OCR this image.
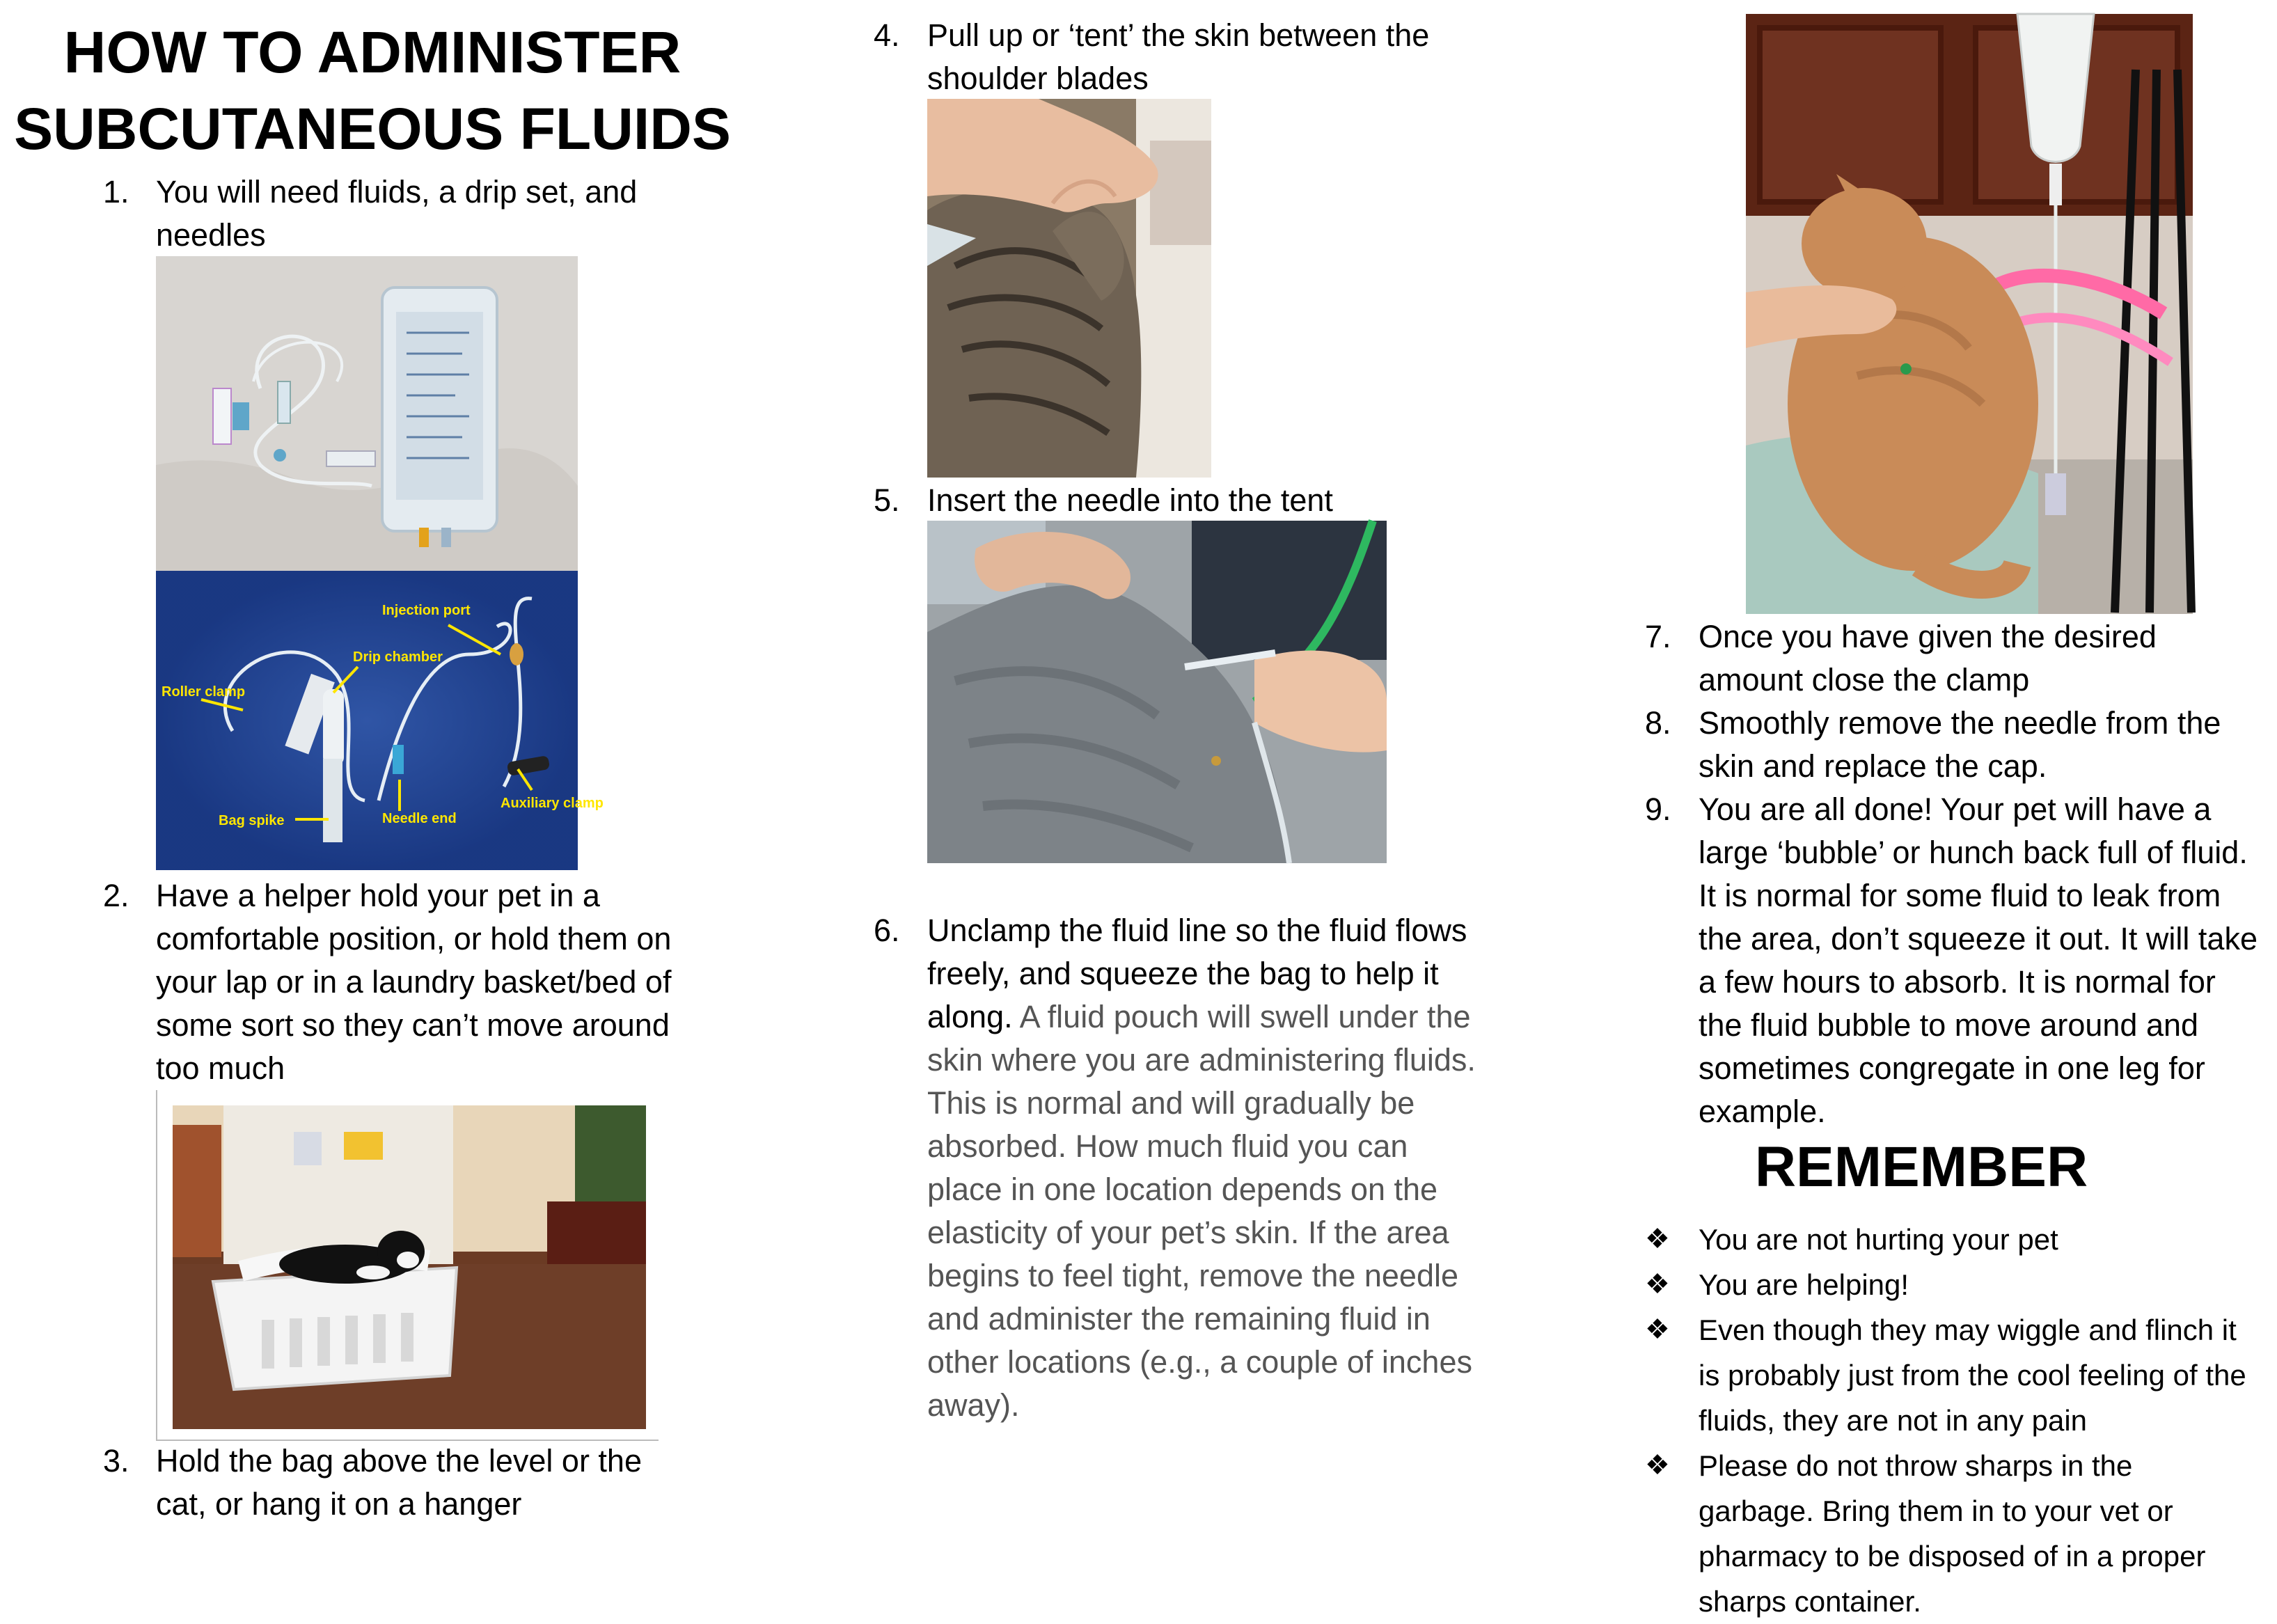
HOW TO ADMINISTER
SUBCUTANEOUS FLUIDS
1. You will need fluids, a drip set, and needles
Injection port
Drip chamber
Roller clamp
Bag spike	Needle end
Auxiliary clamp
2. Have a helper hold your pet in a comfortable position, or hold them on your lap or in a laundry basket/bed of some sort so they can’t move around too much
3. Hold the bag above the level or the cat, or hang it on a hanger
4. Pull up or ‘tent’ the skin between the shoulder blades
5. Insert the needle into the tent
6. Unclamp the fluid line so the fluid flows freely, and squeeze the bag to help it along. A fluid pouch will swell under the skin where you are administering fluids. This is normal and will gradually be absorbed. How much fluid you can place in one location depends on the elasticity of your pet’s skin. If the area begins to feel tight, remove the needle and administer the remaining fluid in other locations (e.g., a couple of inches away).
7. Once you have given the desired amount close the clamp
8. Smoothly remove the needle from the skin and replace the cap.
9. You are all done! Your pet will have a large ‘bubble’ or hunch back full of fluid. It is normal for some fluid to leak from the area, don’t squeeze it out. It will take a few hours to absorb. It is normal for the fluid bubble to move around and sometimes congregate in one leg for example.
REMEMBER
❖ You are not hurting your pet
❖ You are helping!
❖ Even though they may wiggle and flinch it is probably just from the cool feeling of the fluids, they are not in any pain
❖ Please do not throw sharps in the garbage. Bring them in to your vet or pharmacy to be disposed of in a proper sharps container.
